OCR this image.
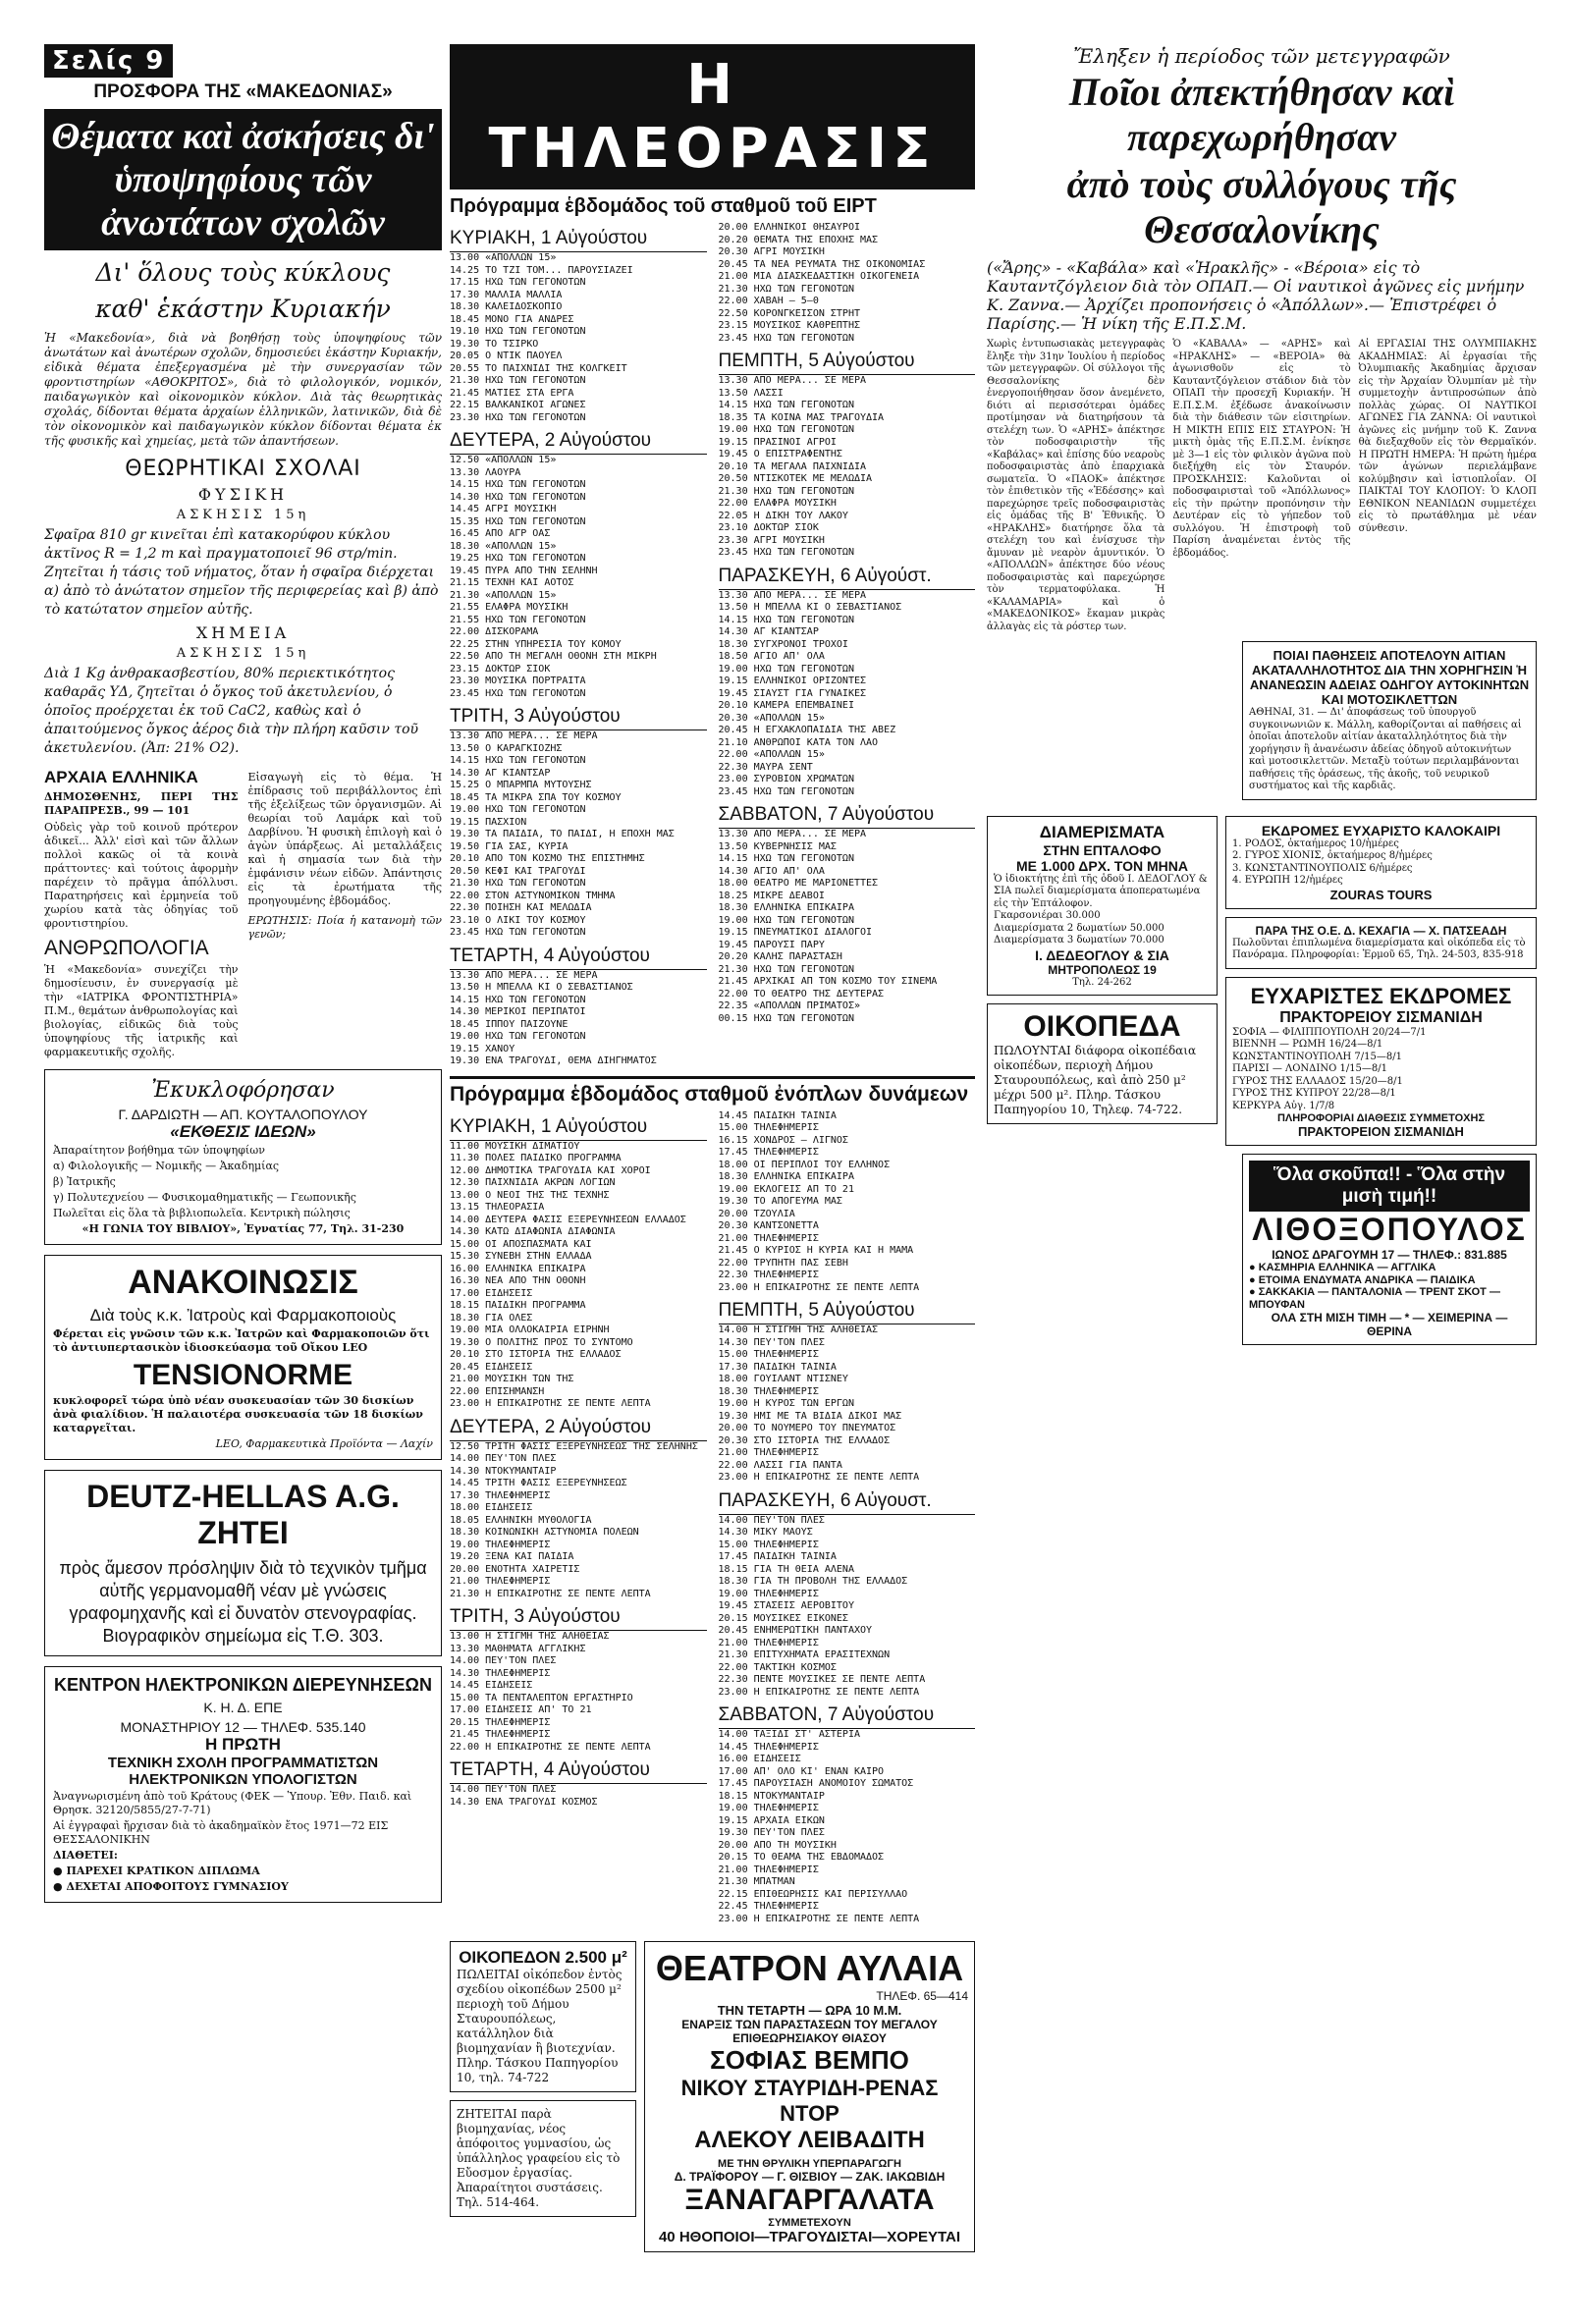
Σελίς 9
ΠΡΟΣΦΟΡΑ ΤΗΣ «ΜΑΚΕΔΟΝΙΑΣ»
Θέματα καὶ ἀσκήσεις δι' ὑποψηφίους τῶν ἀνωτάτων σχολῶν
Δι' ὅλους τοὺς κύκλους
καθ' ἑκάστην Κυριακήν
Ἡ «Μακεδονία», διὰ νὰ βοηθήσῃ τοὺς ὑποψηφίους τῶν ἀνωτάτων καὶ ἀνωτέρων σχολῶν, δημοσιεύει ἑκάστην Κυριακήν, εἰδικὰ θέματα ἐπεξεργασμένα μὲ τὴν συνεργασίαν τῶν φροντιστηρίων «ΑΘΟΚΡΙΤΟΣ», διὰ τὸ φιλολογικόν, νομικόν, παιδαγωγικὸν καὶ οἰκονομικὸν κύκλον. Διὰ τὰς θεωρητικὰς σχολάς, δίδονται θέματα ἀρχαίων ἑλληνικῶν, λατινικῶν, διὰ δὲ τὸν οἰκονομικὸν καὶ παιδαγωγικὸν κύκλον δίδονται θέματα ἐκ τῆς φυσικῆς καὶ χημείας, μετὰ τῶν ἀπαντήσεων.
ΘΕΩΡΗΤΙΚΑΙ ΣΧΟΛΑΙ
ΦΥΣΙΚΗ
ΑΣΚΗΣΙΣ 15η
Σφαῖρα 810 gr κινεῖται ἐπὶ κατακορύφου κύκλου ἀκτῖνος R = 1,2 m καὶ πραγματοποιεῖ 96 στρ/min. Ζητεῖται ἡ τάσις τοῦ νήματος, ὅταν ἡ σφαῖρα διέρχεται α) ἀπὸ τὸ ἀνώτατον σημεῖον τῆς περιφερείας καὶ β) ἀπὸ τὸ κατώτατον σημεῖον αὐτῆς.
ΧΗΜΕΙΑ
ΑΣΚΗΣΙΣ 15η
Διὰ 1 Kg ἀνθρακασβεστίου, 80% περιεκτικότητος καθαρᾶς ΥΔ, ζητεῖται ὁ ὄγκος τοῦ ἀκετυλενίου, ὁ ὁποῖος προέρχεται ἐκ τοῦ CaC2, καθὼς καὶ ὁ ἀπαιτούμενος ὄγκος ἀέρος διὰ τὴν πλήρη καῦσιν τοῦ ἀκετυλενίου. (Ἀπ: 21% O2).
ΑΡΧΑΙΑ ΕΛΛΗΝΙΚΑ
ΔΗΜΟΣΘΕΝΗΣ, ΠΕΡΙ ΤΗΣ ΠΑΡΑΠΡΕΣΒ., 99 — 101
Οὐδεὶς γὰρ τοῦ κοινοῦ πρότερον ἀδικεῖ... Ἀλλ' εἰσὶ καὶ τῶν ἄλλων πολλοὶ κακῶς οἱ τὰ κοινὰ πράττοντες· καὶ τούτοις ἀφορμὴν παρέχειν τὸ πρᾶγμα ἀπόλλυσι. Παρατηρήσεις καὶ ἑρμηνεία τοῦ χωρίου κατὰ τὰς ὁδηγίας τοῦ φροντιστηρίου.
ΑΝΘΡΩΠΟΛΟΓΙΑ
Ἡ «Μακεδονία» συνεχίζει τὴν δημοσίευσιν, ἐν συνεργασίᾳ μὲ τὴν «ΙΑΤΡΙΚΑ ΦΡΟΝΤΙΣΤΗΡΙΑ» Π.Μ., θεμάτων ἀνθρωπολογίας καὶ βιολογίας, εἰδικῶς διὰ τοὺς ὑποψηφίους τῆς ἰατρικῆς καὶ φαρμακευτικῆς σχολῆς.
Εἰσαγωγὴ εἰς τὸ θέμα. Ἡ ἐπίδρασις τοῦ περιβάλλοντος ἐπὶ τῆς ἐξελίξεως τῶν ὀργανισμῶν. Αἱ θεωρίαι τοῦ Λαμάρκ καὶ τοῦ Δαρβίνου. Ἡ φυσικὴ ἐπιλογὴ καὶ ὁ ἀγὼν ὑπάρξεως. Αἱ μεταλλάξεις καὶ ἡ σημασία των διὰ τὴν ἐμφάνισιν νέων εἰδῶν. Ἀπάντησις εἰς τὰ ἐρωτήματα τῆς προηγουμένης ἑβδομάδος.
ΕΡΩΤΗΣΙΣ: Ποία ἡ κατανομὴ τῶν γενῶν;
Ἐκυκλοφόρησαν
Γ. ΔΑΡΔΙΩΤΗ — ΑΠ. ΚΟΥΤΑΛΟΠΟΥΛΟΥ
«ΕΚΘΕΣΙΣ ΙΔΕΩΝ»
Ἀπαραίτητον βοήθημα τῶν ὑποψηφίων
α) Φιλολογικῆς — Νομικῆς — Ἀκαδημίας
β) Ἰατρικῆς
γ) Πολυτεχνείου — Φυσικομαθηματικῆς — Γεωπονικῆς
Πωλεῖται εἰς ὅλα τὰ βιβλιοπωλεῖα. Κεντρικὴ πώλησις
«Η ΓΩΝΙΑ ΤΟΥ ΒΙΒΛΙΟΥ», Ἐγνατίας 77, Τηλ. 31-230
ΑΝΑΚΟΙΝΩΣΙΣ
Διὰ τοὺς κ.κ. Ἰατροὺς καὶ Φαρμακοποιοὺς
Φέρεται εἰς γνῶσιν τῶν κ.κ. Ἰατρῶν καὶ Φαρμακοποιῶν ὅτι τὸ ἀντιυπερτασικὸν ἰδιοσκεύασμα τοῦ Οἴκου LEO
TENSIONORME
κυκλοφορεῖ τώρα ὑπὸ νέαν συσκευασίαν τῶν 30 δισκίων ἀνὰ φιαλίδιον. Ἡ παλαιοτέρα συσκευασία τῶν 18 δισκίων καταργεῖται.
LEO, Φαρμακευτικὰ Προϊόντα — Λαχίν
DEUTZ-HELLAS A.G.
ΖΗΤΕΙ
πρὸς ἄμεσον πρόσληψιν διὰ τὸ τεχνικὸν τμῆμα αὐτῆς γερμανομαθῆ νέαν μὲ γνώσεις γραφομηχανῆς καὶ εἰ δυνατὸν στενογραφίας. Βιογραφικὸν σημείωμα εἰς Τ.Θ. 303.
ΚΕΝΤΡΟΝ ΗΛΕΚΤΡΟΝΙΚΩΝ ΔΙΕΡΕΥΝΗΣΕΩΝ
Κ. Η. Δ. ΕΠΕ
ΜΟΝΑΣΤΗΡΙΟΥ 12 — ΤΗΛΕΦ. 535.140
Η ΠΡΩΤΗ
ΤΕΧΝΙΚΗ ΣΧΟΛΗ ΠΡΟΓΡΑΜΜΑΤΙΣΤΩΝ ΗΛΕΚΤΡΟΝΙΚΩΝ ΥΠΟΛΟΓΙΣΤΩΝ
Ἀναγνωρισμένη ἀπὸ τοῦ Κράτους (ΦΕΚ — Ὑπουρ. Ἐθν. Παιδ. καὶ Θρησκ. 32120/5855/27-7-71)
Αἱ ἐγγραφαὶ ἤρχισαν διὰ τὸ ἀκαδημαϊκὸν ἔτος 1971—72 ΕΙΣ ΘΕΣΣΑΛΟΝΙΚΗΝ
ΔΙΑΘΕΤΕΙ:
● ΠΑΡΕΧΕΙ ΚΡΑΤΙΚΟΝ ΔΙΠΛΩΜΑ
● ΔΕΧΕΤΑΙ ΑΠΟΦΟΙΤΟΥΣ ΓΥΜΝΑΣΙΟΥ
Η ΤΗΛΕΟΡΑΣΙΣ
Πρόγραμμα ἑβδομάδος τοῦ σταθμοῦ τοῦ ΕΙΡΤ
ΚΥΡΙΑΚΗ, 1 Αὐγούστου
13.00 «ΑΠΟΛΛΩΝ 15»
14.25 ΤΟ ΤΖΙ ΤΟΜ... ΠΑΡΟΥΣΙΑΖΕΙ
17.15 ΗΧΩ ΤΩΝ ΓΕΓΟΝΟΤΩΝ
17.30 ΜΑΛΛΙΑ ΜΑΛΛΙΑ
18.30 ΚΑΛΕΙΔΟΣΚΟΠΙΟ
18.45 ΜΟΝΟ ΓΙΑ ΑΝΔΡΕΣ
19.10 ΗΧΩ ΤΩΝ ΓΕΓΟΝΟΤΩΝ
19.30 ΤΟ ΤΣΙΡΚΟ
20.05 Ο ΝΤΙΚ ΠΑΟΥΕΛ
20.55 ΤΟ ΠΑΙΧΝΙΔΙ ΤΗΣ ΚΟΛΓΚΕΙΤ
21.30 ΗΧΩ ΤΩΝ ΓΕΓΟΝΟΤΩΝ
21.45 ΜΑΤΙΕΣ ΣΤΑ ΕΡΓΑ
22.15 ΒΑΛΚΑΝΙΚΟΙ ΑΓΩΝΕΣ
23.30 ΗΧΩ ΤΩΝ ΓΕΓΟΝΟΤΩΝ
ΔΕΥΤΕΡΑ, 2 Αὐγούστου
12.50 «ΑΠΟΛΛΩΝ 15»
13.30 ΛΑΟΥΡΑ
14.15 ΗΧΩ ΤΩΝ ΓΕΓΟΝΟΤΩΝ
14.30 ΗΧΩ ΤΩΝ ΓΕΓΟΝΟΤΩΝ
14.45 ΑΓΡΙ ΜΟΥΣΙΚΗ
15.35 ΗΧΩ ΤΩΝ ΓΕΓΟΝΟΤΩΝ
16.45 ΑΠΟ ΑΓΡ ΟΑΣ
18.30 «ΑΠΟΛΛΩΝ 15»
19.25 ΗΧΩ ΤΩΝ ΓΕΓΟΝΟΤΩΝ
19.45 ΠΥΡΑ ΑΠΟ ΤΗΝ ΣΕΛΗΝΗ
21.15 ΤΕΧΝΗ ΚΑΙ ΑΟΤΟΣ
21.30 «ΑΠΟΛΛΩΝ 15»
21.55 ΕΛΑΦΡΑ ΜΟΥΣΙΚΗ
21.55 ΗΧΩ ΤΩΝ ΓΕΓΟΝΟΤΩΝ
22.00 ΔΙΣΚΟΡΑΜΑ
22.25 ΣΤΗΝ ΥΠΗΡΕΣΙΑ ΤΟΥ ΚΟΜΟΥ
22.50 ΑΠΟ ΤΗ ΜΕΓΑΛΗ ΟΘΟΝΗ ΣΤΗ ΜΙΚΡΗ
23.15 ΔΟΚΤΩΡ ΣΙΟΚ
23.30 ΜΟΥΣΙΚΑ ΠΟΡΤΡΑΙΤΑ
23.45 ΗΧΩ ΤΩΝ ΓΕΓΟΝΟΤΩΝ
ΤΡΙΤΗ, 3 Αὐγούστου
13.30 ΑΠΟ ΜΕΡΑ... ΣΕ ΜΕΡΑ
13.50 Ο ΚΑΡΑΓΚΙΟΖΗΣ
14.15 ΗΧΩ ΤΩΝ ΓΕΓΟΝΟΤΩΝ
14.30 ΑΓ ΚΙΑΝΤΣΑΡ
15.25 Ο ΜΠΑΡΜΠΑ ΜΥΤΟΥΣΗΣ
18.45 ΤΑ ΜΙΚΡΑ ΣΠΑ ΤΟΥ ΚΟΣΜΟΥ
19.00 ΗΧΩ ΤΩΝ ΓΕΓΟΝΟΤΩΝ
19.15 ΠΑΣΧΙΟΝ
19.30 ΤΑ ΠΑΙΔΙΑ, ΤΟ ΠΑΙΔΙ, Η ΕΠΟΧΗ ΜΑΣ
19.50 ΓΙΑ ΣΑΣ, ΚΥΡΙΑ
20.10 ΑΠΟ ΤΟΝ ΚΟΣΜΟ ΤΗΣ ΕΠΙΣΤΗΜΗΣ
20.50 ΚΕΦΙ ΚΑΙ ΤΡΑΓΟΥΔΙ
21.30 ΗΧΩ ΤΩΝ ΓΕΓΟΝΟΤΩΝ
22.00 ΣΤΟΝ ΑΣΤΥΝΟΜΙΚΟΝ ΤΜΗΜΑ
22.30 ΠΟΙΗΣΗ ΚΑΙ ΜΕΛΩΔΙΑ
23.10 Ο ΛΙΚΙ ΤΟΥ ΚΟΣΜΟΥ
23.45 ΗΧΩ ΤΩΝ ΓΕΓΟΝΟΤΩΝ
ΤΕΤΑΡΤΗ, 4 Αὐγούστου
13.30 ΑΠΟ ΜΕΡΑ... ΣΕ ΜΕΡΑ
13.50 Η ΜΠΕΛΛΑ ΚΙ Ο ΣΕΒΑΣΤΙΑΝΟΣ
14.15 ΗΧΩ ΤΩΝ ΓΕΓΟΝΟΤΩΝ
14.30 ΜΕΡΙΚΟΙ ΠΕΡΙΠΑΤΟΙ
18.45 ΙΠΠΟΥ ΠΑΙΖΟΥΝΕ
19.00 ΗΧΩ ΤΩΝ ΓΕΓΟΝΟΤΩΝ
19.15 ΧΑΝΟΥ
19.30 ΕΝΑ ΤΡΑΓΟΥΔΙ, ΘΕΜΑ ΔΙΗΓΗΜΑΤΟΣ
20.00 ΕΛΛΗΝΙΚΟΙ ΘΗΣΑΥΡΟΙ
20.20 ΘΕΜΑΤΑ ΤΗΣ ΕΠΟΧΗΣ ΜΑΣ
20.30 ΑΓΡΙ ΜΟΥΣΙΚΗ
20.45 ΤΑ ΝΕΑ ΡΕΥΜΑΤΑ ΤΗΣ ΟΙΚΟΝΟΜΙΑΣ
21.00 ΜΙΑ ΔΙΑΣΚΕΔΑΣΤΙΚΗ ΟΙΚΟΓΕΝΕΙΑ
21.30 ΗΧΩ ΤΩΝ ΓΕΓΟΝΟΤΩΝ
22.00 ΧΑΒΑΗ — 5—0
22.50 ΚΟΡΟΝΓΚΕΙΣΟΝ ΣΤΡΗΤ
23.15 ΜΟΥΣΙΚΟΣ ΚΑΘΡΕΠΤΗΣ
23.45 ΗΧΩ ΤΩΝ ΓΕΓΟΝΟΤΩΝ
ΠΕΜΠΤΗ, 5 Αὐγούστου
13.30 ΑΠΟ ΜΕΡΑ... ΣΕ ΜΕΡΑ
13.50 ΛΑΣΣΙ
14.15 ΗΧΩ ΤΩΝ ΓΕΓΟΝΟΤΩΝ
18.35 ΤΑ ΚΟΙΝΑ ΜΑΣ ΤΡΑΓΟΥΔΙΑ
19.00 ΗΧΩ ΤΩΝ ΓΕΓΟΝΟΤΩΝ
19.15 ΠΡΑΣΙΝΟΙ ΑΓΡΟΙ
19.45 Ο ΕΠΙΣΤΡΑΦΕΝΤΗΣ
20.10 ΤΑ ΜΕΓΑΛΑ ΠΑΙΧΝΙΔΙΑ
20.50 ΝΤΙΣΚΟΤΕΚ ΜΕ ΜΕΛΩΔΙΑ
21.30 ΗΧΩ ΤΩΝ ΓΕΓΟΝΟΤΩΝ
22.00 ΕΛΑΦΡΑ ΜΟΥΣΙΚΗ
22.05 Η ΔΙΚΗ ΤΟΥ ΛΑΚΟΥ
23.10 ΔΟΚΤΩΡ ΣΙΟΚ
23.30 ΑΓΡΙ ΜΟΥΣΙΚΗ
23.45 ΗΧΩ ΤΩΝ ΓΕΓΟΝΟΤΩΝ
ΠΑΡΑΣΚΕΥΗ, 6 Αὐγούστ.
13.30 ΑΠΟ ΜΕΡΑ... ΣΕ ΜΕΡΑ
13.50 Η ΜΠΕΛΛΑ ΚΙ Ο ΣΕΒΑΣΤΙΑΝΟΣ
14.15 ΗΧΩ ΤΩΝ ΓΕΓΟΝΟΤΩΝ
14.30 ΑΓ ΚΙΑΝΤΣΑΡ
18.30 ΣΥΓΧΡΟΝΟΙ ΤΡΟΧΟΙ
18.50 ΑΓΙΟ ΑΠ' ΟΛΑ
19.00 ΗΧΩ ΤΩΝ ΓΕΓΟΝΟΤΩΝ
19.15 ΕΛΛΗΝΙΚΟΙ ΟΡΙΖΟΝΤΕΣ
19.45 ΣΙΑΥΣΤ ΓΙΑ ΓΥΝΑΙΚΕΣ
20.10 ΚΑΜΕΡΑ ΕΠΕΜΒΑΙΝΕΙ
20.30 «ΑΠΟΛΛΩΝ 15»
20.45 Η ΕΓΧΑΚΛΟΠΑΙΔΙΑ ΤΗΣ ΑΒΕΖ
21.10 ΑΝΘΡΩΠΟΙ ΚΑΤΑ ΤΟΝ ΛΑΟ
22.00 «ΑΠΟΛΛΩΝ 15»
22.30 ΜΑΥΡΑ ΣΕΝΤ
23.00 ΣΥΡΟΒΙΟΝ ΧΡΩΜΑΤΩΝ
23.45 ΗΧΩ ΤΩΝ ΓΕΓΟΝΟΤΩΝ
ΣΑΒΒΑΤΟΝ, 7 Αὐγούστου
13.30 ΑΠΟ ΜΕΡΑ... ΣΕ ΜΕΡΑ
13.50 ΚΥΒΕΡΝΗΣΙΣ ΜΑΣ
14.15 ΗΧΩ ΤΩΝ ΓΕΓΟΝΟΤΩΝ
14.30 ΑΓΙΟ ΑΠ' ΟΛΑ
18.00 ΘΕΑΤΡΟ ΜΕ ΜΑΡΙΟΝΕΤΤΕΣ
18.25 ΜΙΚΡΕ ΔΕΑΒΟΙ
18.30 ΕΛΛΗΝΙΚΑ ΕΠΙΚΑΙΡΑ
19.00 ΗΧΩ ΤΩΝ ΓΕΓΟΝΟΤΩΝ
19.15 ΠΝΕΥΜΑΤΙΚΟΙ ΔΙΑΛΟΓΟΙ
19.45 ΠΑΡΟΥΣΙ ΠΑΡΥ
20.20 ΚΑΛΗΣ ΠΑΡΑΣΤΑΣΗ
21.30 ΗΧΩ ΤΩΝ ΓΕΓΟΝΟΤΩΝ
21.45 ΑΡΧΙΚΑΙ ΑΠ ΤΟΝ ΚΟΣΜΟ ΤΟΥ ΣΙΝΕΜΑ
22.00 ΤΟ ΘΕΑΤΡΟ ΤΗΣ ΔΕΥΤΕΡΑΣ
22.35 «ΑΠΟΛΛΩΝ ΠΡΙΜΑΤΟΣ»
00.15 ΗΧΩ ΤΩΝ ΓΕΓΟΝΟΤΩΝ
Πρόγραμμα ἑβδομάδος σταθμοῦ ἐνόπλων δυνάμεων
ΚΥΡΙΑΚΗ, 1 Αὐγούστου
11.00 ΜΟΥΣΙΚΗ ΔΙΜΑΤΙΟΥ
11.30 ΠΟΛΕΣ ΠΑΙΔΙΚΟ ΠΡΟΓΡΑΜΜΑ
12.00 ΔΗΜΟΤΙΚΑ ΤΡΑΓΟΥΔΙΑ ΚΑΙ ΧΟΡΟΙ
12.30 ΠΑΙΧΝΙΔΙΑ ΑΚΡΩΝ ΛΟΓΙΩΝ
13.00 Ο ΝΕΟΙ ΤΗΣ ΤΗΣ ΤΕΧΝΗΣ
13.15 ΤΗΛΕΟΡΑΣΙΑ
14.00 ΔΕΥΤΕΡΑ ΦΑΣΙΣ ΕΞΕΡΕΥΝΗΣΕΩΝ ΕΛΛΑΔΟΣ
14.30 ΚΑΤΩ ΔΙΑΦΩΝΙΑ ΔΙΑΦΩΝΙΑ
15.00 ΟΙ ΑΠΟΣΠΑΣΜΑΤΑ ΚΑΙ
15.30 ΣΥΝΕΒΗ ΣΤΗΝ ΕΛΛΑΔΑ
16.00 ΕΛΛΗΝΙΚΑ ΕΠΙΚΑΙΡΑ
16.30 ΝΕΑ ΑΠΟ ΤΗΝ ΟΘΟΝΗ
17.00 ΕΙΔΗΣΕΙΣ
18.15 ΠΑΙΔΙΚΗ ΠΡΟΓΡΑΜΜΑ
18.30 ΓΙΑ ΟΛΕΣ
19.00 ΜΙΑ ΟΛΛΟΚΑΙΡΙΑ ΕΙΡΗΝΗ
19.30 Ο ΠΟΛΙΤΗΣ ΠΡΟΣ ΤΟ ΣΥΝΤΟΜΟ
20.10 ΣΤΟ ΙΣΤΟΡΙΑ ΤΗΣ ΕΛΛΑΔΟΣ
20.45 ΕΙΔΗΣΕΙΣ
21.00 ΜΟΥΣΙΚΗ ΤΩΝ ΤΗΣ
22.00 ΕΠΙΣΗΜΑΝΣΗ
23.00 Η ΕΠΙΚΑΙΡΟΤΗΣ ΣΕ ΠΕΝΤΕ ΛΕΠΤΑ
ΔΕΥΤΕΡΑ, 2 Αὐγούστου
12.50 ΤΡΙΤΗ ΦΑΣΙΣ ΕΞΕΡΕΥΝΗΣΕΩΣ ΤΗΣ ΣΕΛΗΝΗΣ
14.00 ΠΕΥ'ΤΟΝ ΠΛΕΣ
14.30 ΝΤΟΚΥΜΑΝΤΑΙΡ
14.45 ΤΡΙΤΗ ΦΑΣΙΣ ΕΞΕΡΕΥΝΗΣΕΩΣ
17.30 ΤΗΛΕΦΗΜΕΡΙΣ
18.00 ΕΙΔΗΣΕΙΣ
18.05 ΕΛΛΗΝΙΚΗ ΜΥΘΟΛΟΓΙΑ
18.30 ΚΟΙΝΩΝΙΚΗ ΑΣΤΥΝΟΜΙΑ ΠΟΛΕΩΝ
19.00 ΤΗΛΕΦΗΜΕΡΙΣ
19.20 ΞΕΝΑ ΚΑΙ ΠΑΙΔΙΑ
20.00 ΕΝΟΤΗΤΑ ΧΑΙΡΕΤΙΣ
21.00 ΤΗΛΕΦΗΜΕΡΙΣ
21.30 Η ΕΠΙΚΑΙΡΟΤΗΣ ΣΕ ΠΕΝΤΕ ΛΕΠΤΑ
ΤΡΙΤΗ, 3 Αὐγούστου
13.00 Η ΣΤΙΓΜΗ ΤΗΣ ΑΛΗΘΕΙΑΣ
13.30 ΜΑΘΗΜΑΤΑ ΑΓΓΛΙΚΗΣ
14.00 ΠΕΥ'ΤΟΝ ΠΛΕΣ
14.30 ΤΗΛΕΦΗΜΕΡΙΣ
14.45 ΕΙΔΗΣΕΙΣ
15.00 ΤΑ ΠΕΝΤΑΛΕΠΤΟΝ ΕΡΓΑΣΤΗΡΙΟ
17.00 ΕΙΔΗΣΕΙΣ ΑΠ' ΤΟ 21
20.15 ΤΗΛΕΦΗΜΕΡΙΣ
21.45 ΤΗΛΕΦΗΜΕΡΙΣ
22.00 Η ΕΠΙΚΑΙΡΟΤΗΣ ΣΕ ΠΕΝΤΕ ΛΕΠΤΑ
ΤΕΤΑΡΤΗ, 4 Αὐγούστου
14.00 ΠΕΥ'ΤΟΝ ΠΛΕΣ
14.30 ΕΝΑ ΤΡΑΓΟΥΔΙ ΚΟΣΜΟΣ
14.45 ΠΑΙΔΙΚΗ ΤΑΙΝΙΑ
15.00 ΤΗΛΕΦΗΜΕΡΙΣ
16.15 ΧΟΝΔΡΟΣ — ΛΙΓΝΟΣ
17.45 ΤΗΛΕΦΗΜΕΡΙΣ
18.00 ΟΙ ΠΕΡΙΠΛΟΙ ΤΟΥ ΕΛΛΗΝΟΣ
18.30 ΕΛΛΗΝΙΚΑ ΕΠΙΚΑΙΡΑ
19.00 ΕΚΛΟΓΕΙΣ ΑΠ ΤΟ 21
19.30 ΤΟ ΑΠΟΓΕΥΜΑ ΜΑΣ
20.00 ΤΖΟΥΛΙΑ
20.30 ΚΑΝΤΣΟΝΕΤΤΑ
21.00 ΤΗΛΕΦΗΜΕΡΙΣ
21.45 Ο ΚΥΡΙΟΣ Η ΚΥΡΙΑ ΚΑΙ Η ΜΑΜΑ
22.00 ΤΡΥΠΗΤΗ ΠΑΣ ΣΕΒΗ
22.30 ΤΗΛΕΦΗΜΕΡΙΣ
23.00 Η ΕΠΙΚΑΙΡΟΤΗΣ ΣΕ ΠΕΝΤΕ ΛΕΠΤΑ
ΠΕΜΠΤΗ, 5 Αὐγούστου
14.00 Η ΣΤΙΓΜΗ ΤΗΣ ΑΛΗΘΕΙΑΣ
14.30 ΠΕΥ'ΤΟΝ ΠΛΕΣ
15.00 ΤΗΛΕΦΗΜΕΡΙΣ
17.30 ΠΑΙΔΙΚΗ ΤΑΙΝΙΑ
18.00 ΓΟΥΙΛΑΝΤ ΝΤΙΣΝΕΥ
18.30 ΤΗΛΕΦΗΜΕΡΙΣ
19.00 Η ΚΥΡΟΣ ΤΩΝ ΕΡΓΩΝ
19.30 ΗΜΙ ΜΕ ΤΑ ΒΙΔΙΑ ΔΙΚΟΙ ΜΑΣ
20.00 ΤΟ ΝΟΥΜΕΡΟ ΤΟΥ ΠΝΕΥΜΑΤΟΣ
20.30 ΣΤΟ ΙΣΤΟΡΙΑ ΤΗΣ ΕΛΛΑΔΟΣ
21.00 ΤΗΛΕΦΗΜΕΡΙΣ
22.00 ΛΑΣΣΙ ΓΙΑ ΠΑΝΤΑ
23.00 Η ΕΠΙΚΑΙΡΟΤΗΣ ΣΕ ΠΕΝΤΕ ΛΕΠΤΑ
ΠΑΡΑΣΚΕΥΗ, 6 Αὐγουστ.
14.00 ΠΕΥ'ΤΟΝ ΠΛΕΣ
14.30 ΜΙΚΥ ΜΑΟΥΣ
15.00 ΤΗΛΕΦΗΜΕΡΙΣ
17.45 ΠΑΙΔΙΚΗ ΤΑΙΝΙΑ
18.15 ΓΙΑ ΤΗ ΘΕΙΑ ΑΛΕΝΑ
18.30 ΓΙΑ ΤΗ ΠΡΟΒΟΛΗ ΤΗΣ ΕΛΛΑΔΟΣ
19.00 ΤΗΛΕΦΗΜΕΡΙΣ
19.45 ΣΤΑΣΕΙΣ ΑΕΡΟΒΙΤΟΥ
20.15 ΜΟΥΣΙΚΕΣ ΕΙΚΟΝΕΣ
20.45 ΕΝΗΜΕΡΩΤΙΚΗ ΠΑΝΤΑΧΟΥ
21.00 ΤΗΛΕΦΗΜΕΡΙΣ
21.30 ΕΠΙΤΥΧΗΜΑΤΑ ΕΡΑΣΙΤΕΧΝΩΝ
22.00 ΤΑΚΤΙΚΗ ΚΟΣΜΟΣ
22.30 ΠΕΝΤΕ ΜΟΥΣΙΚΕΣ ΣΕ ΠΕΝΤΕ ΛΕΠΤΑ
23.00 Η ΕΠΙΚΑΙΡΟΤΗΣ ΣΕ ΠΕΝΤΕ ΛΕΠΤΑ
ΣΑΒΒΑΤΟΝ, 7 Αὐγούστου
14.00 ΤΑΞΙΔΙ ΣΤ' ΑΣΤΕΡΙΑ
14.45 ΤΗΛΕΦΗΜΕΡΙΣ
16.00 ΕΙΔΗΣΕΙΣ
17.00 ΑΠ' ΟΛΟ ΚΙ' ΕΝΑΝ ΚΑΙΡΟ
17.45 ΠΑΡΟΥΣΙΑΣΗ ΑΝΟΜΟΙΟΥ ΣΩΜΑΤΟΣ
18.15 ΝΤΟΚΥΜΑΝΤΑΙΡ
19.00 ΤΗΛΕΦΗΜΕΡΙΣ
19.15 ΑΡΧΑΙΑ ΕΙΚΩΝ
19.30 ΠΕΥ'ΤΟΝ ΠΛΕΣ
20.00 ΑΠΟ ΤΗ ΜΟΥΣΙΚΗ
20.15 ΤΟ ΘΕΑΜΑ ΤΗΣ ΕΒΔΟΜΑΔΟΣ
21.00 ΤΗΛΕΦΗΜΕΡΙΣ
21.30 ΜΠΑΤΜΑΝ
22.15 ΕΠΙΘΕΩΡΗΣΙΣ ΚΑΙ ΠΕΡΙΣΥΛΛΑΟ
22.45 ΤΗΛΕΦΗΜΕΡΙΣ
23.00 Η ΕΠΙΚΑΙΡΟΤΗΣ ΣΕ ΠΕΝΤΕ ΛΕΠΤΑ
ΟΙΚΟΠΕΔΟΝ 2.500 μ²
ΠΩΛΕΙΤΑΙ οἰκόπεδον ἐντὸς σχεδίου οἰκοπέδων 2500 μ² περιοχὴ τοῦ Δήμου Σταυρουπόλεως, κατάλληλον διὰ βιομηχανίαν ἢ βιοτεχνίαν.
Πληρ. Τάσκου Παπηγορίου 10, τηλ. 74-722
ΖΗΤΕΙΤΑΙ παρὰ βιομηχανίας, νέος ἀπόφοιτος γυμνασίου, ὡς ὑπάλληλος γραφείου εἰς τὸ Εὔοσμον ἐργασίας. Ἀπαραίτητοι συστάσεις. Τηλ. 514-464.
ΘΕΑΤΡΟΝ ΑΥΛΑΙΑ
ΤΗΛΕΦ. 65—414
ΤΗΝ ΤΕΤΑΡΤΗ — ΩΡΑ 10 Μ.Μ.
ΕΝΑΡΞΙΣ ΤΩΝ ΠΑΡΑΣΤΑΣΕΩΝ ΤΟΥ ΜΕΓΑΛΟΥ ΕΠΙΘΕΩΡΗΣΙΑΚΟΥ ΘΙΑΣΟΥ
ΣΟΦΙΑΣ ΒΕΜΠΟ
ΝΙΚΟΥ ΣΤΑΥΡΙΔΗ-ΡΕΝΑΣ ΝΤΟΡ
ΑΛΕΚΟΥ ΛΕΙΒΑΔΙΤΗ
ΜΕ ΤΗΝ ΘΡΥΛΙΚΗ ΥΠΕΡΠΑΡΑΓΩΓΗ
Δ. ΤΡΑΪΦΟΡΟΥ — Γ. ΘΙΣΒΙΟΥ — ΖΑΚ. ΙΑΚΩΒΙΔΗ
ΞΑΝΑΓΑΡΓΑΛΑΤΑ
ΣΥΜΜΕΤΕΧΟΥΝ
40 ΗΘΟΠΟΙΟΙ—ΤΡΑΓΟΥΔΙΣΤΑΙ—ΧΟΡΕΥΤΑΙ
Ἔληξεν ἡ περίοδος τῶν μετεγγραφῶν
Ποῖοι ἀπεκτήθησαν καὶ παρεχωρήθησαν
ἀπὸ τοὺς συλλόγους τῆς Θεσσαλονίκης
(«Ἄρης» - «Καβάλα» καὶ «Ἡρακλῆς» - «Βέροια» εἰς τὸ Καυταντζόγλειον διὰ τὸν ΟΠΑΠ.— Οἱ ναυτικοὶ ἀγῶνες εἰς μνήμην Κ. Ζαννα.— Ἀρχίζει προπονήσεις ὁ «Ἀπόλλων».— Ἐπιστρέφει ὁ Παρίσης.— Ἡ νίκη τῆς Ε.Π.Σ.Μ.
Χωρὶς ἐντυπωσιακὰς μετεγγραφὰς ἔληξε τὴν 31ην Ἰουλίου ἡ περίοδος τῶν μετεγγραφῶν. Οἱ σύλλογοι τῆς Θεσσαλονίκης δὲν ἐνεργοποιήθησαν ὅσον ἀνεμένετο, διότι αἱ περισσότεραι ὁμάδες προτίμησαν νὰ διατηρήσουν τὰ στελέχη των. Ὁ «ΑΡΗΣ» ἀπέκτησε τὸν ποδοσφαιριστὴν τῆς «Καβάλας» καὶ ἐπίσης δύο νεαροὺς ποδοσφαιριστὰς ἀπὸ ἐπαρχιακὰ σωματεῖα. Ὁ «ΠΑΟΚ» ἀπέκτησε τὸν ἐπιθετικὸν τῆς «Ἐδέσσης» καὶ παρεχώρησε τρεῖς ποδοσφαιριστὰς εἰς ὁμάδας τῆς Β' Ἐθνικῆς. Ὁ «ΗΡΑΚΛΗΣ» διατήρησε ὅλα τὰ στελέχη του καὶ ἐνίσχυσε τὴν ἄμυναν μὲ νεαρὸν ἀμυντικόν. Ὁ «ΑΠΟΛΛΩΝ» ἀπέκτησε δύο νέους ποδοσφαιριστὰς καὶ παρεχώρησε τὸν τερματοφύλακα. Ἡ «ΚΑΛΑΜΑΡΙΑ» καὶ ὁ «ΜΑΚΕΔΟΝΙΚΟΣ» ἔκαμαν μικρὰς ἀλλαγὰς εἰς τὰ ρόστερ των.
Ὁ «ΚΑΒΑΛΑ» — «ΑΡΗΣ» καὶ «ΗΡΑΚΛΗΣ» — «ΒΕΡΟΙΑ» θὰ ἀγωνισθοῦν εἰς τὸ Καυταντζόγλειον στάδιον διὰ τὸν ΟΠΑΠ τὴν προσεχῆ Κυριακήν. Ἡ Ε.Π.Σ.Μ. ἐξέδωσε ἀνακοίνωσιν διὰ τὴν διάθεσιν τῶν εἰσιτηρίων. Η ΜΙΚΤΗ ΕΠΙΣ ΕΙΣ ΣΤΑΥΡΟΝ: Ἡ μικτὴ ὁμὰς τῆς Ε.Π.Σ.Μ. ἐνίκησε μὲ 3—1 εἰς τὸν φιλικὸν ἀγῶνα ποὺ διεξήχθη εἰς τὸν Σταυρόν. ΠΡΟΣΚΛΗΣΙΣ: Καλοῦνται οἱ ποδοσφαιρισταὶ τοῦ «Ἀπόλλωνος» εἰς τὴν πρώτην προπόνησιν τὴν Δευτέραν εἰς τὸ γήπεδον τοῦ συλλόγου. Ἡ ἐπιστροφὴ τοῦ Παρίση ἀναμένεται ἐντὸς τῆς ἑβδομάδος.
Αἱ ΕΡΓΑΣΙΑΙ ΤΗΣ ΟΛΥΜΠΙΑΚΗΣ ΑΚΑΔΗΜΙΑΣ: Αἱ ἐργασίαι τῆς Ὀλυμπιακῆς Ἀκαδημίας ἄρχισαν εἰς τὴν Ἀρχαίαν Ὀλυμπίαν μὲ τὴν συμμετοχὴν ἀντιπροσώπων ἀπὸ πολλὰς χώρας. ΟΙ ΝΑΥΤΙΚΟΙ ΑΓΩΝΕΣ ΓΙΑ ΖΑΝΝΑ: Οἱ ναυτικοὶ ἀγῶνες εἰς μνήμην τοῦ Κ. Ζαννα θὰ διεξαχθοῦν εἰς τὸν Θερμαϊκόν. Η ΠΡΩΤΗ ΗΜΕΡΑ: Ἡ πρώτη ἡμέρα τῶν ἀγώνων περιελάμβανε κολύμβησιν καὶ ἱστιοπλοΐαν. ΟΙ ΠΑΙΚΤΑΙ ΤΟΥ ΚΛΟΠΟΥ: Ὁ ΚΛΟΠ ΕΘΝΙΚΟΝ ΝΕΑΝΙΔΩΝ συμμετέχει εἰς τὸ πρωτάθλημα μὲ νέαν σύνθεσιν.
ΠΟΙΑΙ ΠΑΘΗΣΕΙΣ ΑΠΟΤΕΛΟΥΝ ΑΙΤΙΑΝ ΑΚΑΤΑΛΛΗΛΟΤΗΤΟΣ ΔΙΑ ΤΗΝ ΧΟΡΗΓΗΣΙΝ Ἡ ΑΝΑΝΕΩΣΙΝ ΑΔΕΙΑΣ ΟΔΗΓΟΥ ΑΥΤΟΚΙΝΗΤΩΝ ΚΑΙ ΜΟΤΟΣΙΚΛΕΤΤΩΝ
ΑΘΗΝΑΙ, 31. — Δι' ἀποφάσεως τοῦ ὑπουργοῦ συγκοινωνιῶν κ. Μάλλη, καθορίζονται αἱ παθήσεις αἱ ὁποῖαι ἀποτελοῦν αἰτίαν ἀκαταλληλότητος διὰ τὴν χορήγησιν ἢ ἀνανέωσιν ἀδείας ὁδηγοῦ αὐτοκινήτων καὶ μοτοσικλεττῶν. Μεταξὺ τούτων περιλαμβάνονται παθήσεις τῆς ὁράσεως, τῆς ἀκοῆς, τοῦ νευρικοῦ συστήματος καὶ τῆς καρδιᾶς.
ΔΙΑΜΕΡΙΣΜΑΤΑ
ΣΤΗΝ ΕΠΤΑΛΟΦΟ
ΜΕ 1.000 ΔΡΧ. ΤΟΝ ΜΗΝΑ
Ὁ ἰδιοκτήτης ἐπὶ τῆς ὁδοῦ Ι. ΔΕΔΟΓΛΟΥ & ΣΙΑ πωλεῖ διαμερίσματα ἀποπερατωμένα εἰς τὴν Ἑπτάλοφον.
Γκαρσονιέραι 30.000
Διαμερίσματα 2 δωματίων 50.000
Διαμερίσματα 3 δωματίων 70.000
Ι. ΔΕΔΕΟΓΛΟΥ & ΣΙΑ
ΜΗΤΡΟΠΟΛΕΩΣ 19
Τηλ. 24-262
ΟΙΚΟΠΕΔΑ
ΠΩΛΟΥΝΤΑΙ διάφορα οἰκοπέδαια οἰκοπέδων, περιοχὴ Δήμου Σταυρουπόλεως, καὶ ἀπὸ 250 μ² μέχρι 500 μ². Πληρ. Τάσκου Παπηγορίου 10, Τηλεφ. 74-722.
ΕΚΔΡΟΜΕΣ ΕΥΧΑΡΙΣΤΟ ΚΑΛΟΚΑΙΡΙ
1. ΡΟΔΟΣ, ὀκταήμερος 10/ἡμέρες
2. ΓΥΡΟΣ ΧΙΟΝΙΣ, ὀκταήμερος 8/ἡμέρες
3. ΚΩΝΣΤΑΝΤΙΝΟΥΠΟΛΙΣ 6/ἡμέρες
4. ΕΥΡΩΠΗ 12/ἡμέρες
ZOURAS TOURS
ΠΑΡΑ ΤΗΣ Ο.Ε. Δ. ΚΕΧΑΓΙΑ — Χ. ΠΑΤΣΕΑΔΗ
Πωλοῦνται ἐπιπλωμένα διαμερίσματα καὶ οἰκόπεδα εἰς τὸ Πανόραμα. Πληροφορίαι: Ἐρμοῦ 65, Τηλ. 24-503, 835-918
ΕΥΧΑΡΙΣΤΕΣ ΕΚΔΡΟΜΕΣ
ΠΡΑΚΤΟΡΕΙΟΥ ΣΙΣΜΑΝΙΔΗ
ΣΟΦΙΑ — ΦΙΛΙΠΠΟΥΠΟΛΗ 20/24—7/1
ΒΙΕΝΝΗ — ΡΩΜΗ 16/24—8/1
ΚΩΝΣΤΑΝΤΙΝΟΥΠΟΛΗ 7/15—8/1
ΠΑΡΙΣΙ — ΛΟΝΔΙΝΟ 1/15—8/1
ΓΥΡΟΣ ΤΗΣ ΕΛΛΑΔΟΣ 15/20—8/1
ΓΥΡΟΣ ΤΗΣ ΚΥΠΡΟΥ 22/28—8/1
ΚΕΡΚΥΡΑ Αὐγ. 1/7/8
ΠΛΗΡΟΦΟΡΙΑΙ ΔΙΑΘΕΣΙΣ ΣΥΜΜΕΤΟΧΗΣ
ΠΡΑΚΤΟΡΕΙΟΝ ΣΙΣΜΑΝΙΔΗ
Ὅλα σκοῦπα!! - Ὅλα στὴν μισὴ τιμή!!
ΛΙΘΟΞΟΠΟΥΛΟΣ
ΙΩΝΟΣ ΔΡΑΓΟΥΜΗ 17 — ΤΗΛΕΦ.: 831.885
● ΚΑΣΜΗΡΙΑ ΕΛΛΗΝΙΚΑ — ΑΓΓΛΙΚΑ
● ΕΤΟΙΜΑ ΕΝΔΥΜΑΤΑ ΑΝΔΡΙΚΑ — ΠΑΙΔΙΚΑ
● ΣΑΚΚΑΚΙΑ — ΠΑΝΤΑΛΟΝΙΑ — ΤΡΕΝΤ ΣΚΟΤ — ΜΠΟΥΦΑΝ
ΟΛΑ ΣΤΗ ΜΙΣΗ ΤΙΜΗ — * — ΧΕΙΜΕΡΙΝΑ — ΘΕΡΙΝΑ
